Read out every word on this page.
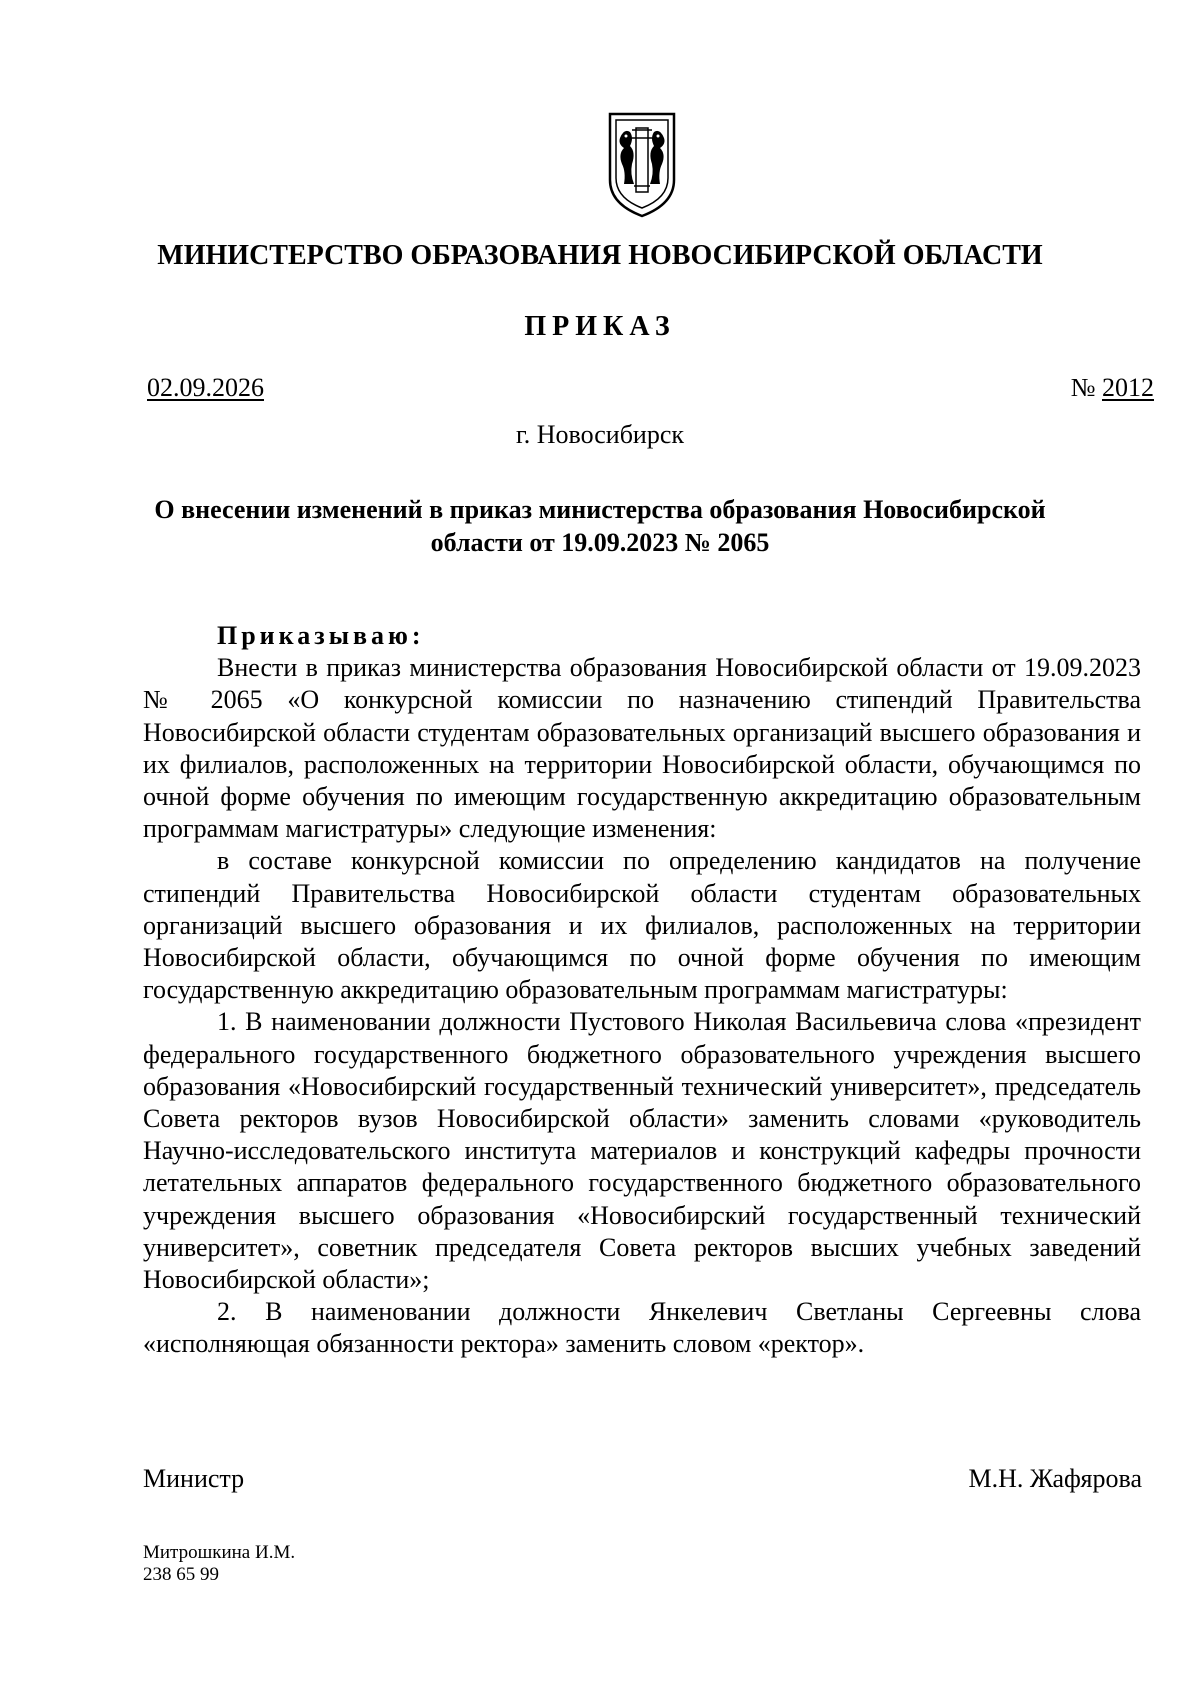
МИНИСТЕРСТВО ОБРАЗОВАНИЯ НОВОСИБИРСКОЙ ОБЛАСТИ
ПРИКАЗ
02.09.2026	№ 2012
г. Новосибирск
О внесении изменений в приказ министерства образования Новосибирской области от 19.09.2023 № 2065

Приказываю:

Внести в приказ министерства образования Новосибирской области от 19.09.2023 № 2065 «О конкурсной комиссии по назначению стипендий Правительства Новосибирской области студентам образовательных организаций высшего образования и их филиалов, расположенных на территории Новосибирской области, обучающимся по очной форме обучения по имеющим государственную аккредитацию образовательным программам магистратуры» следующие изменения:

в составе конкурсной комиссии по определению кандидатов на получение стипендий Правительства Новосибирской области студентам образовательных организаций высшего образования и их филиалов, расположенных на территории Новосибирской области, обучающимся по очной форме обучения по имеющим государственную аккредитацию образовательным программам магистратуры:

1. В наименовании должности Пустового Николая Васильевича слова «президент федерального государственного бюджетного образовательного учреждения высшего образования «Новосибирский государственный технический университет», председатель Совета ректоров вузов Новосибирской области» заменить словами «руководитель Научно-исследовательского института материалов и конструкций кафедры прочности летательных аппаратов федерального государственного бюджетного образовательного учреждения высшего образования «Новосибирский государственный технический университет», советник председателя Совета ректоров высших учебных заведений Новосибирской области»;

2. В наименовании должности Янкелевич Светланы Сергеевны слова «исполняющая обязанности ректора» заменить словом «ректор».

Министр	М.Н. Жафярова
Митрошкина И.М.
238 65 99
